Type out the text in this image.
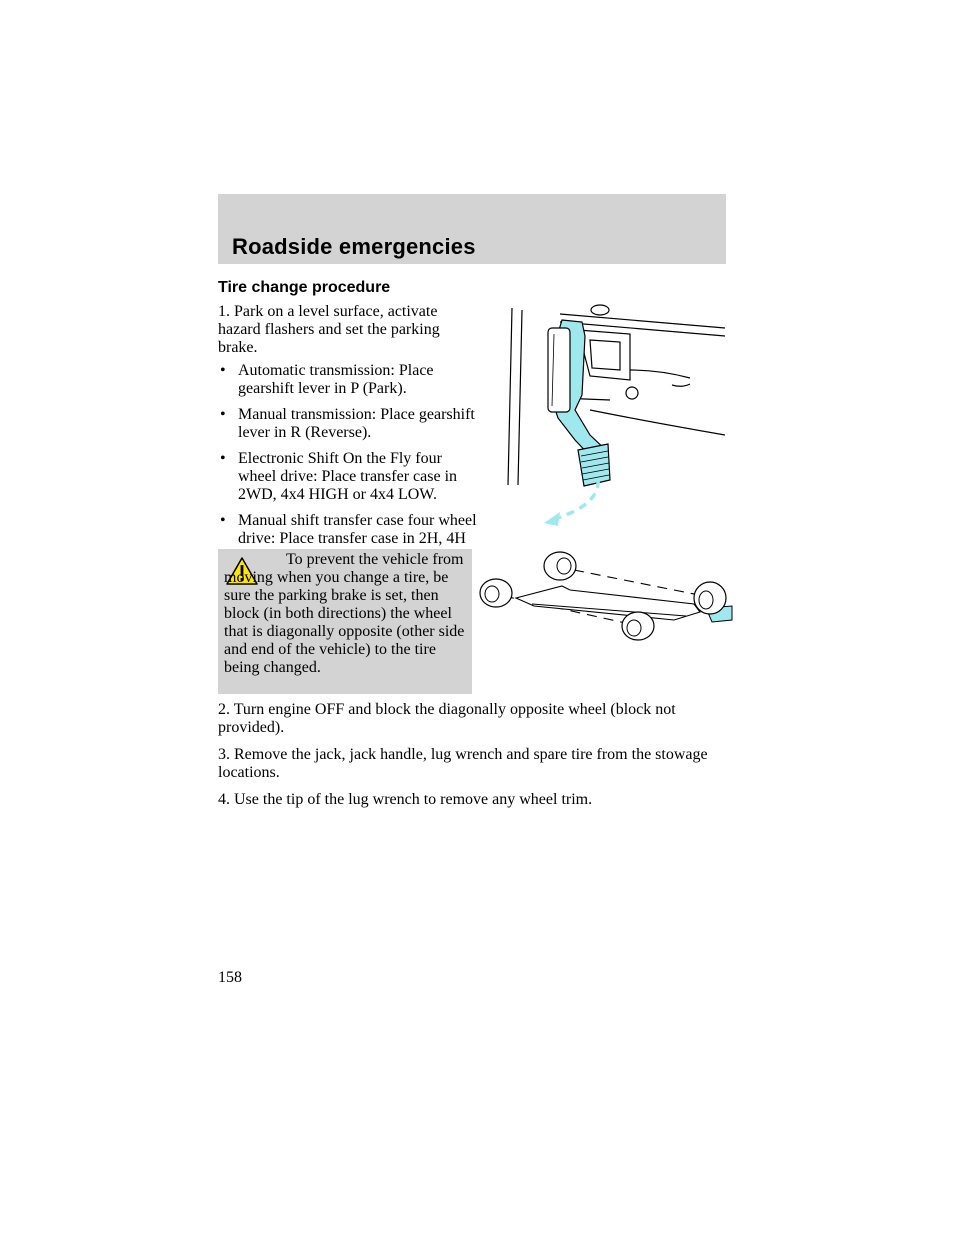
Roadside emergencies
Tire change procedure
1. Park on a level surface, activate hazard flashers and set the parking brake.
• Automatic transmission: Place gearshift lever in P (Park).
• Manual transmission: Place gearshift lever in R (Reverse).
• Electronic Shift On the Fly four wheel drive: Place transfer case in 2WD, 4x4 HIGH or 4x4 LOW.
• Manual shift transfer case four wheel drive: Place transfer case in 2H, 4H
To prevent the vehicle from moving when you change a tire, be sure the parking brake is set, then block (in both directions) the wheel that is diagonally opposite (other side and end of the vehicle) to the tire being changed.

2. Turn engine OFF and block the diagonally opposite wheel (block not provided).

3. Remove the jack, jack handle, lug wrench and spare tire from the stowage locations.

4. Use the tip of the lug wrench to remove any wheel trim.

158
